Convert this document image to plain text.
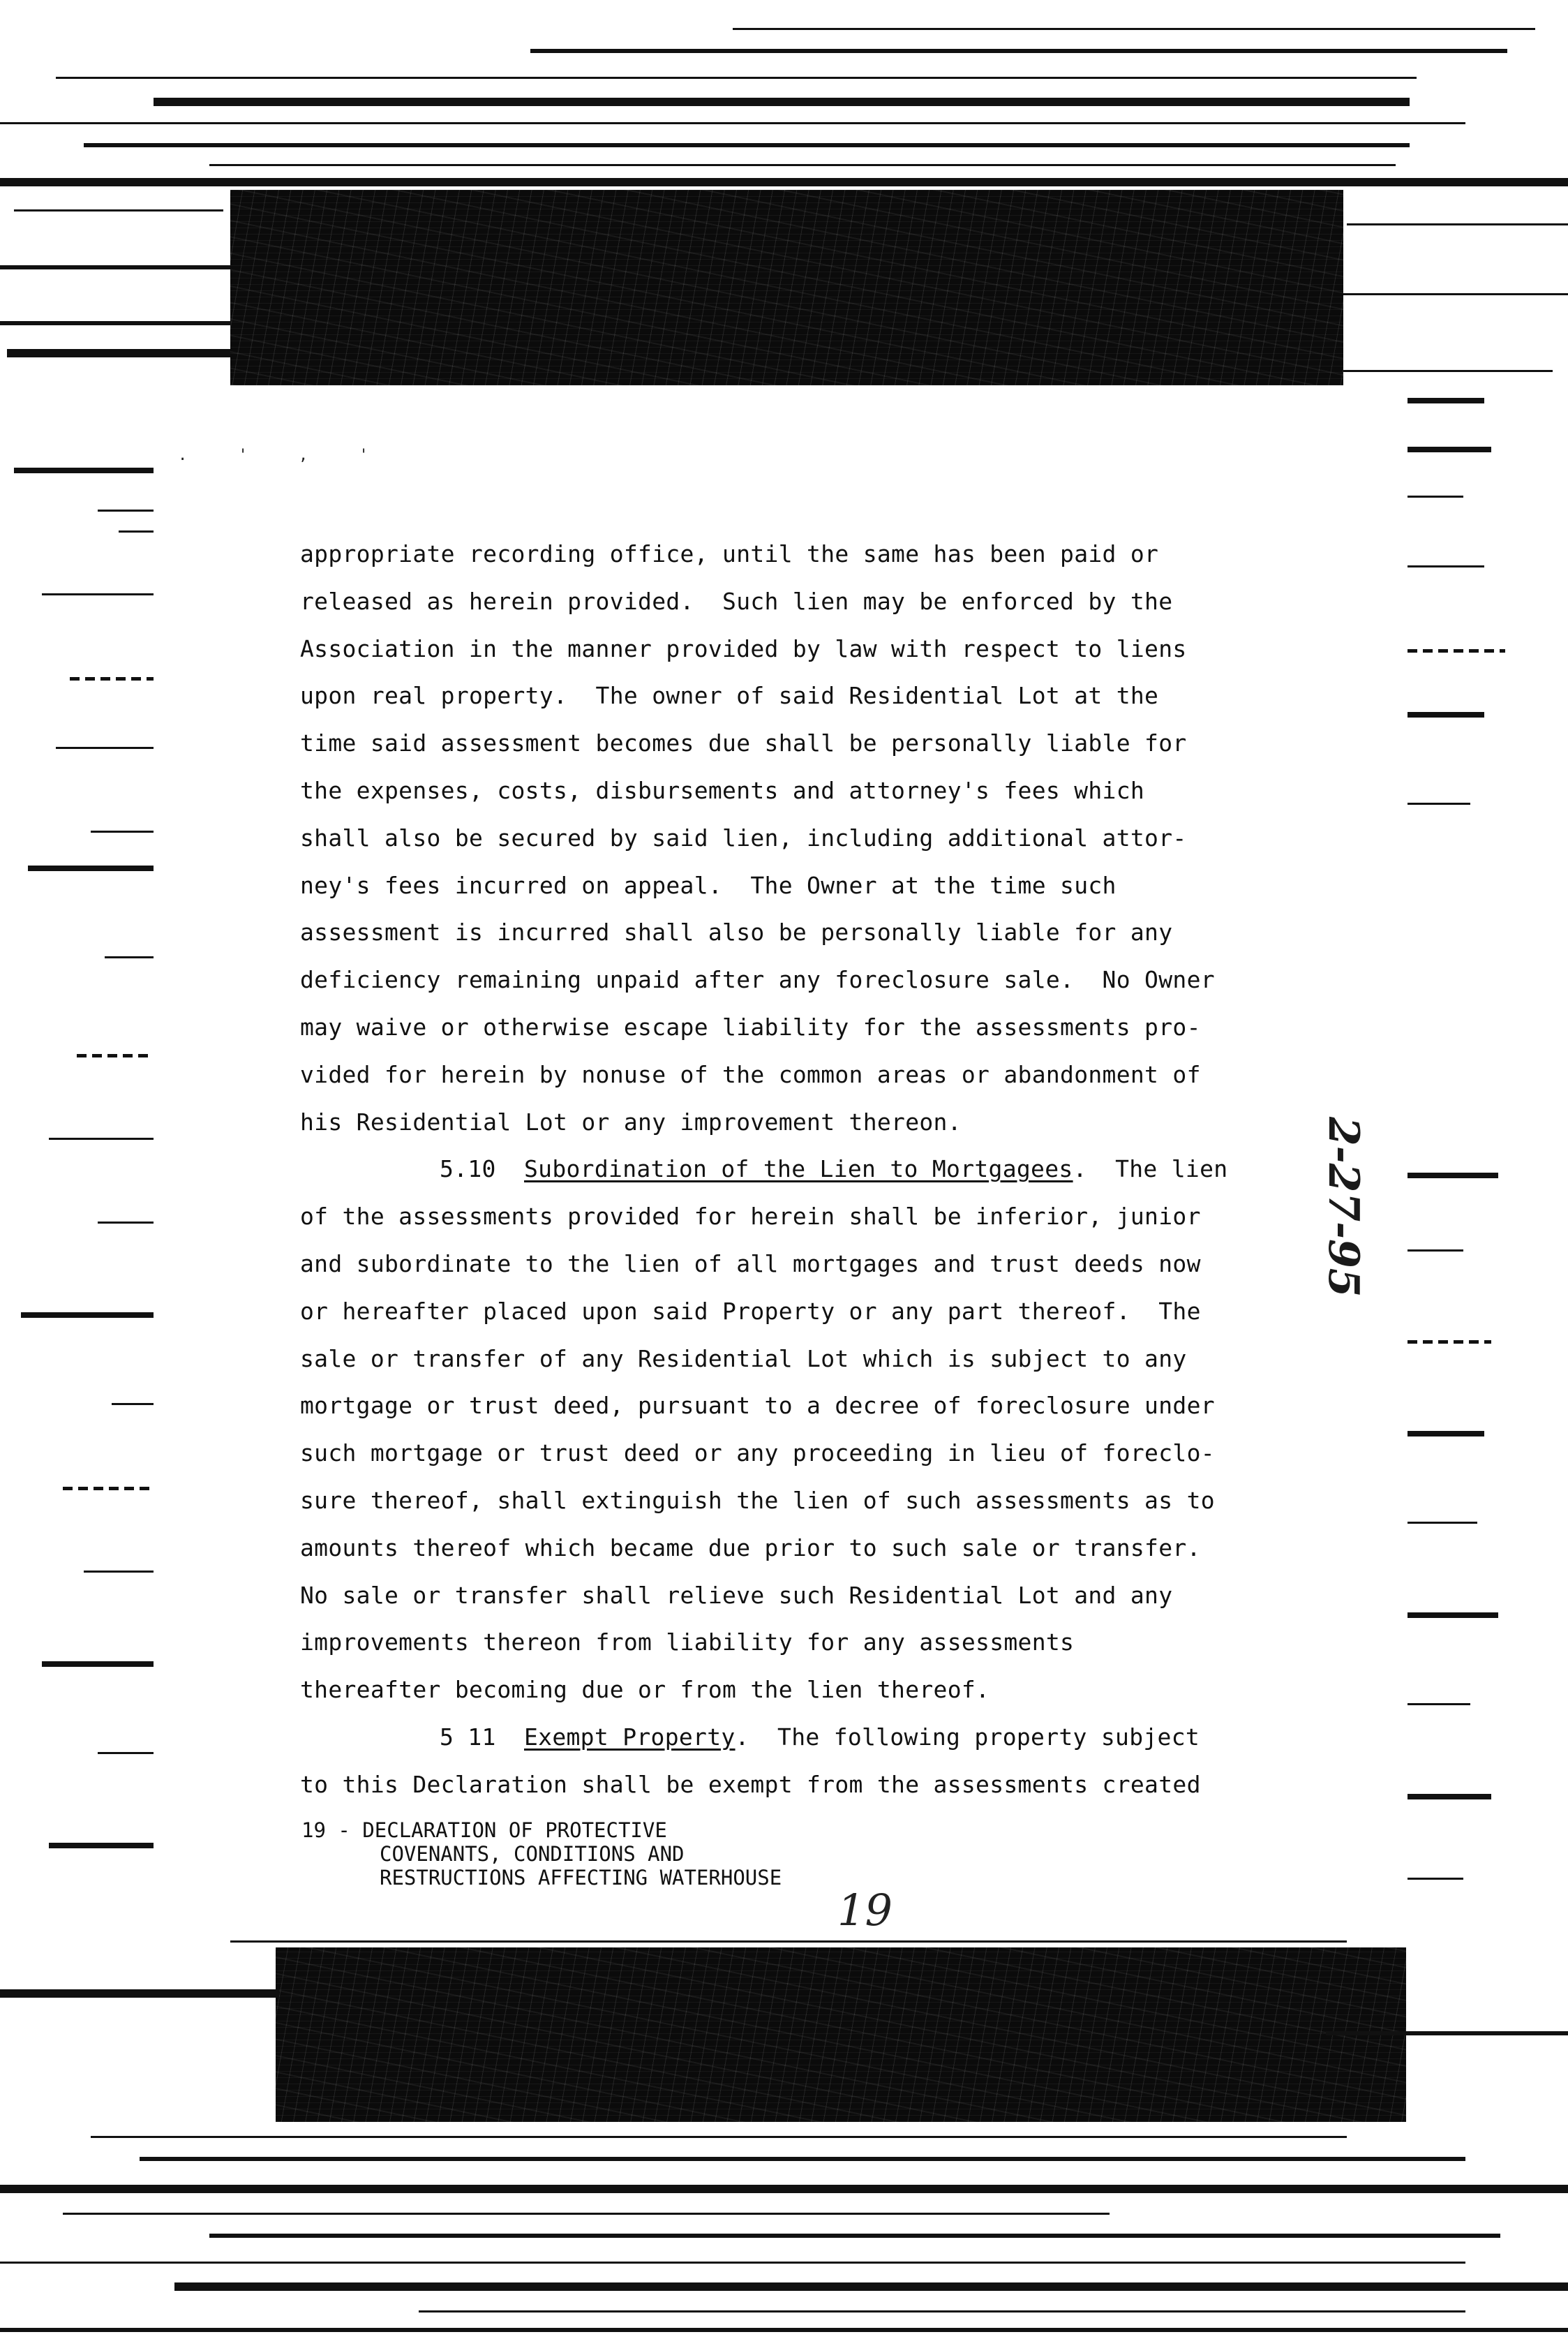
. ' , '
appropriate recording office, until the same has been paid or
released as herein provided.  Such lien may be enforced by the
Association in the manner provided by law with respect to liens
upon real property.  The owner of said Residential Lot at the
time said assessment becomes due shall be personally liable for
the expenses, costs, disbursements and attorney's fees which
shall also be secured by said lien, including additional attor-
ney's fees incurred on appeal.  The Owner at the time such
assessment is incurred shall also be personally liable for any
deficiency remaining unpaid after any foreclosure sale.  No Owner
may waive or otherwise escape liability for the assessments pro-
vided for herein by nonuse of the common areas or abandonment of
his Residential Lot or any improvement thereon.
5.10 Subordination of the Lien to Mortgagees.  The lien
of the assessments provided for herein shall be inferior, junior
and subordinate to the lien of all mortgages and trust deeds now
or hereafter placed upon said Property or any part thereof.  The
sale or transfer of any Residential Lot which is subject to any
mortgage or trust deed, pursuant to a decree of foreclosure under
such mortgage or trust deed or any proceeding in lieu of foreclo-
sure thereof, shall extinguish the lien of such assessments as to
amounts thereof which became due prior to such sale or transfer.
No sale or transfer shall relieve such Residential Lot and any
improvements thereon from liability for any assessments
thereafter becoming due or from the lien thereof.
5 11 Exempt Property.  The following property subject
to this Declaration shall be exempt from the assessments created
19 - DECLARATION OF PROTECTIVE
COVENANTS, CONDITIONS AND
RESTRUCTIONS AFFECTING WATERHOUSE
19
2-27-95
